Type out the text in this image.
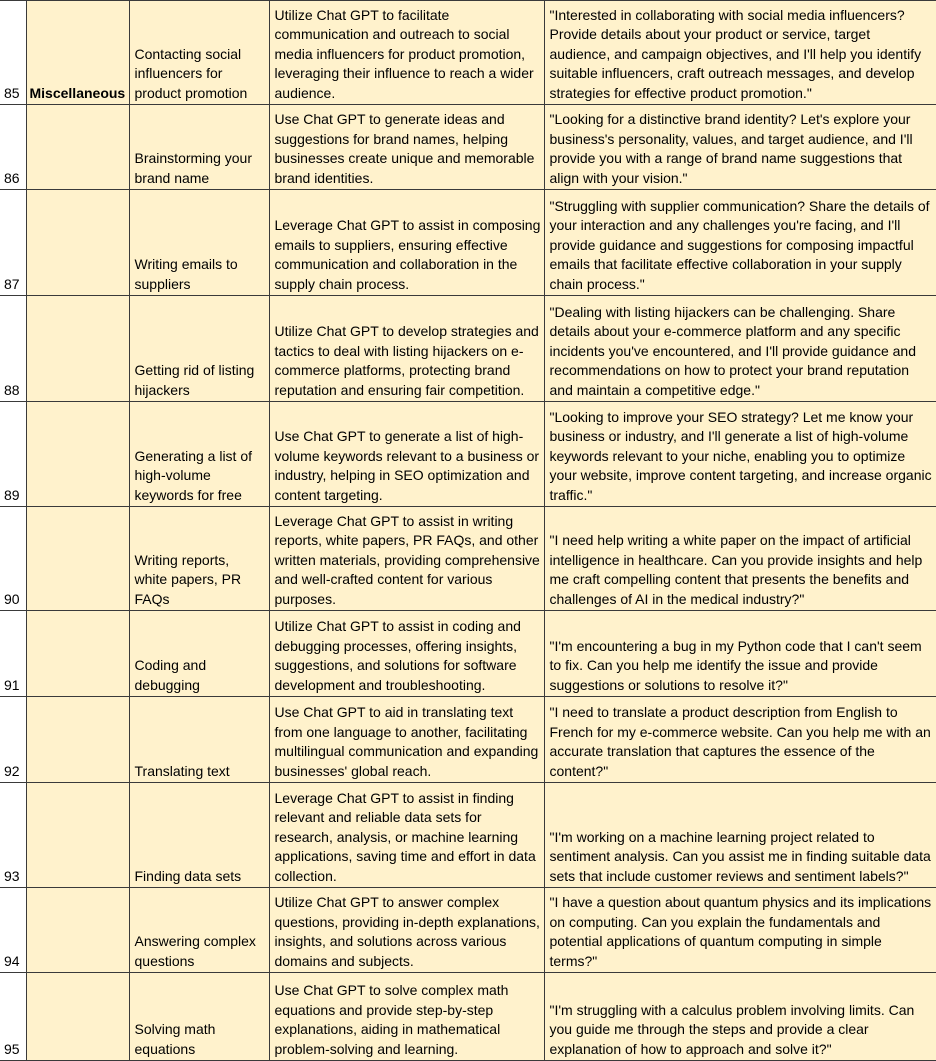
85	Miscellaneous	Contacting social influencers for product promotion	Utilize Chat GPT to facilitate communication and outreach to social media influencers for product promotion, leveraging their influence to reach a wider audience.	"Interested in collaborating with social media influencers? Provide details about your product or service, target audience, and campaign objectives, and I'll help you identify suitable influencers, craft outreach messages, and develop strategies for effective product promotion."
86		Brainstorming your brand name	Use Chat GPT to generate ideas and suggestions for brand names, helping businesses create unique and memorable brand identities.	"Looking for a distinctive brand identity? Let's explore your business's personality, values, and target audience, and I'll provide you with a range of brand name suggestions that align with your vision."
87		Writing emails to suppliers	Leverage Chat GPT to assist in composing emails to suppliers, ensuring effective communication and collaboration in the supply chain process.	"Struggling with supplier communication? Share the details of your interaction and any challenges you're facing, and I'll provide guidance and suggestions for composing impactful emails that facilitate effective collaboration in your supply chain process."
88		Getting rid of listing hijackers	Utilize Chat GPT to develop strategies and tactics to deal with listing hijackers on e-commerce platforms, protecting brand reputation and ensuring fair competition.	"Dealing with listing hijackers can be challenging. Share details about your e-commerce platform and any specific incidents you've encountered, and I'll provide guidance and recommendations on how to protect your brand reputation and maintain a competitive edge."
89		Generating a list of high-volume keywords for free	Use Chat GPT to generate a list of high-volume keywords relevant to a business or industry, helping in SEO optimization and content targeting.	"Looking to improve your SEO strategy? Let me know your business or industry, and I'll generate a list of high-volume keywords relevant to your niche, enabling you to optimize your website, improve content targeting, and increase organic traffic."
90		Writing reports, white papers, PR FAQs	Leverage Chat GPT to assist in writing reports, white papers, PR FAQs, and other written materials, providing comprehensive and well-crafted content for various purposes.	"I need help writing a white paper on the impact of artificial intelligence in healthcare. Can you provide insights and help me craft compelling content that presents the benefits and challenges of AI in the medical industry?"
91		Coding and debugging	Utilize Chat GPT to assist in coding and debugging processes, offering insights, suggestions, and solutions for software development and troubleshooting.	"I'm encountering a bug in my Python code that I can't seem to fix. Can you help me identify the issue and provide suggestions or solutions to resolve it?"
92		Translating text	Use Chat GPT to aid in translating text from one language to another, facilitating multilingual communication and expanding businesses' global reach.	"I need to translate a product description from English to French for my e-commerce website. Can you help me with an accurate translation that captures the essence of the content?"
93		Finding data sets	Leverage Chat GPT to assist in finding relevant and reliable data sets for research, analysis, or machine learning applications, saving time and effort in data collection.	"I'm working on a machine learning project related to sentiment analysis. Can you assist me in finding suitable data sets that include customer reviews and sentiment labels?"
94		Answering complex questions	Utilize Chat GPT to answer complex questions, providing in-depth explanations, insights, and solutions across various domains and subjects.	"I have a question about quantum physics and its implications on computing. Can you explain the fundamentals and potential applications of quantum computing in simple terms?"
95		Solving math equations	Use Chat GPT to solve complex math equations and provide step-by-step explanations, aiding in mathematical problem-solving and learning.	"I'm struggling with a calculus problem involving limits. Can you guide me through the steps and provide a clear explanation of how to approach and solve it?"
